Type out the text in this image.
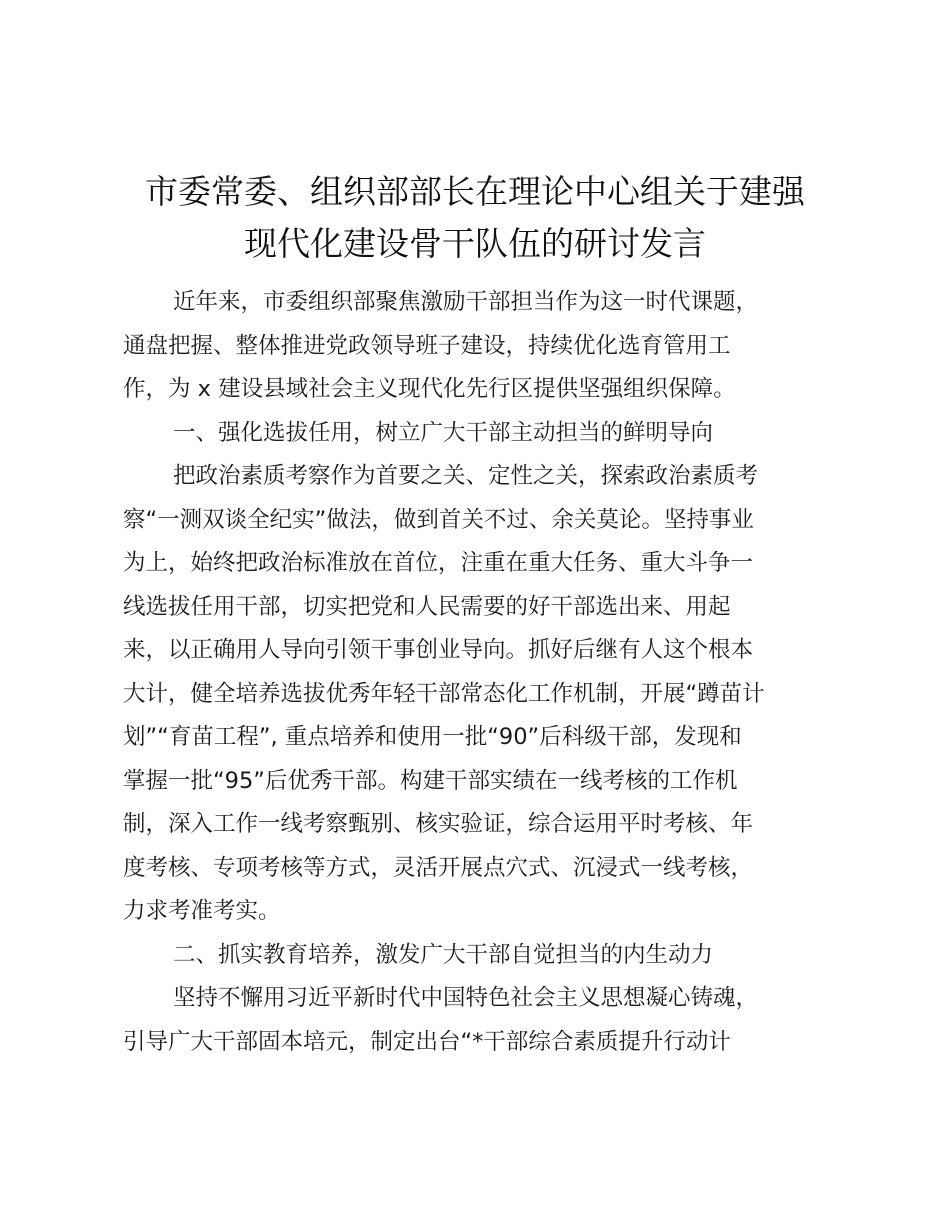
市委常委、组织部部长在理论中心组关于建强
现代化建设骨干队伍的研讨发言
近年来，市委组织部聚焦激励干部担当作为这一时代课题，
通盘把握、整体推进党政领导班子建设，持续优化选育管用工
作，为 x 建设县域社会主义现代化先行区提供坚强组织保障。
一、强化选拔任用，树立广大干部主动担当的鲜明导向
把政治素质考察作为首要之关、定性之关，探索政治素质考
察“一测双谈全纪实”做法，做到首关不过、余关莫论。坚持事业
为上，始终把政治标准放在首位，注重在重大任务、重大斗争一
线选拔任用干部，切实把党和人民需要的好干部选出来、用起
来，以正确用人导向引领干事创业导向。抓好后继有人这个根本
大计，健全培养选拔优秀年轻干部常态化工作机制，开展“蹲苗计
划”“育苗工程”, 重点培养和使用一批“90”后科级干部，发现和
掌握一批“95”后优秀干部。构建干部实绩在一线考核的工作机
制，深入工作一线考察甄别、核实验证，综合运用平时考核、年
度考核、专项考核等方式，灵活开展点穴式、沉浸式一线考核，
力求考准考实。
二、抓实教育培养，激发广大干部自觉担当的内生动力
坚持不懈用习近平新时代中国特色社会主义思想凝心铸魂，
引导广大干部固本培元，制定出台“*干部综合素质提升行动计
